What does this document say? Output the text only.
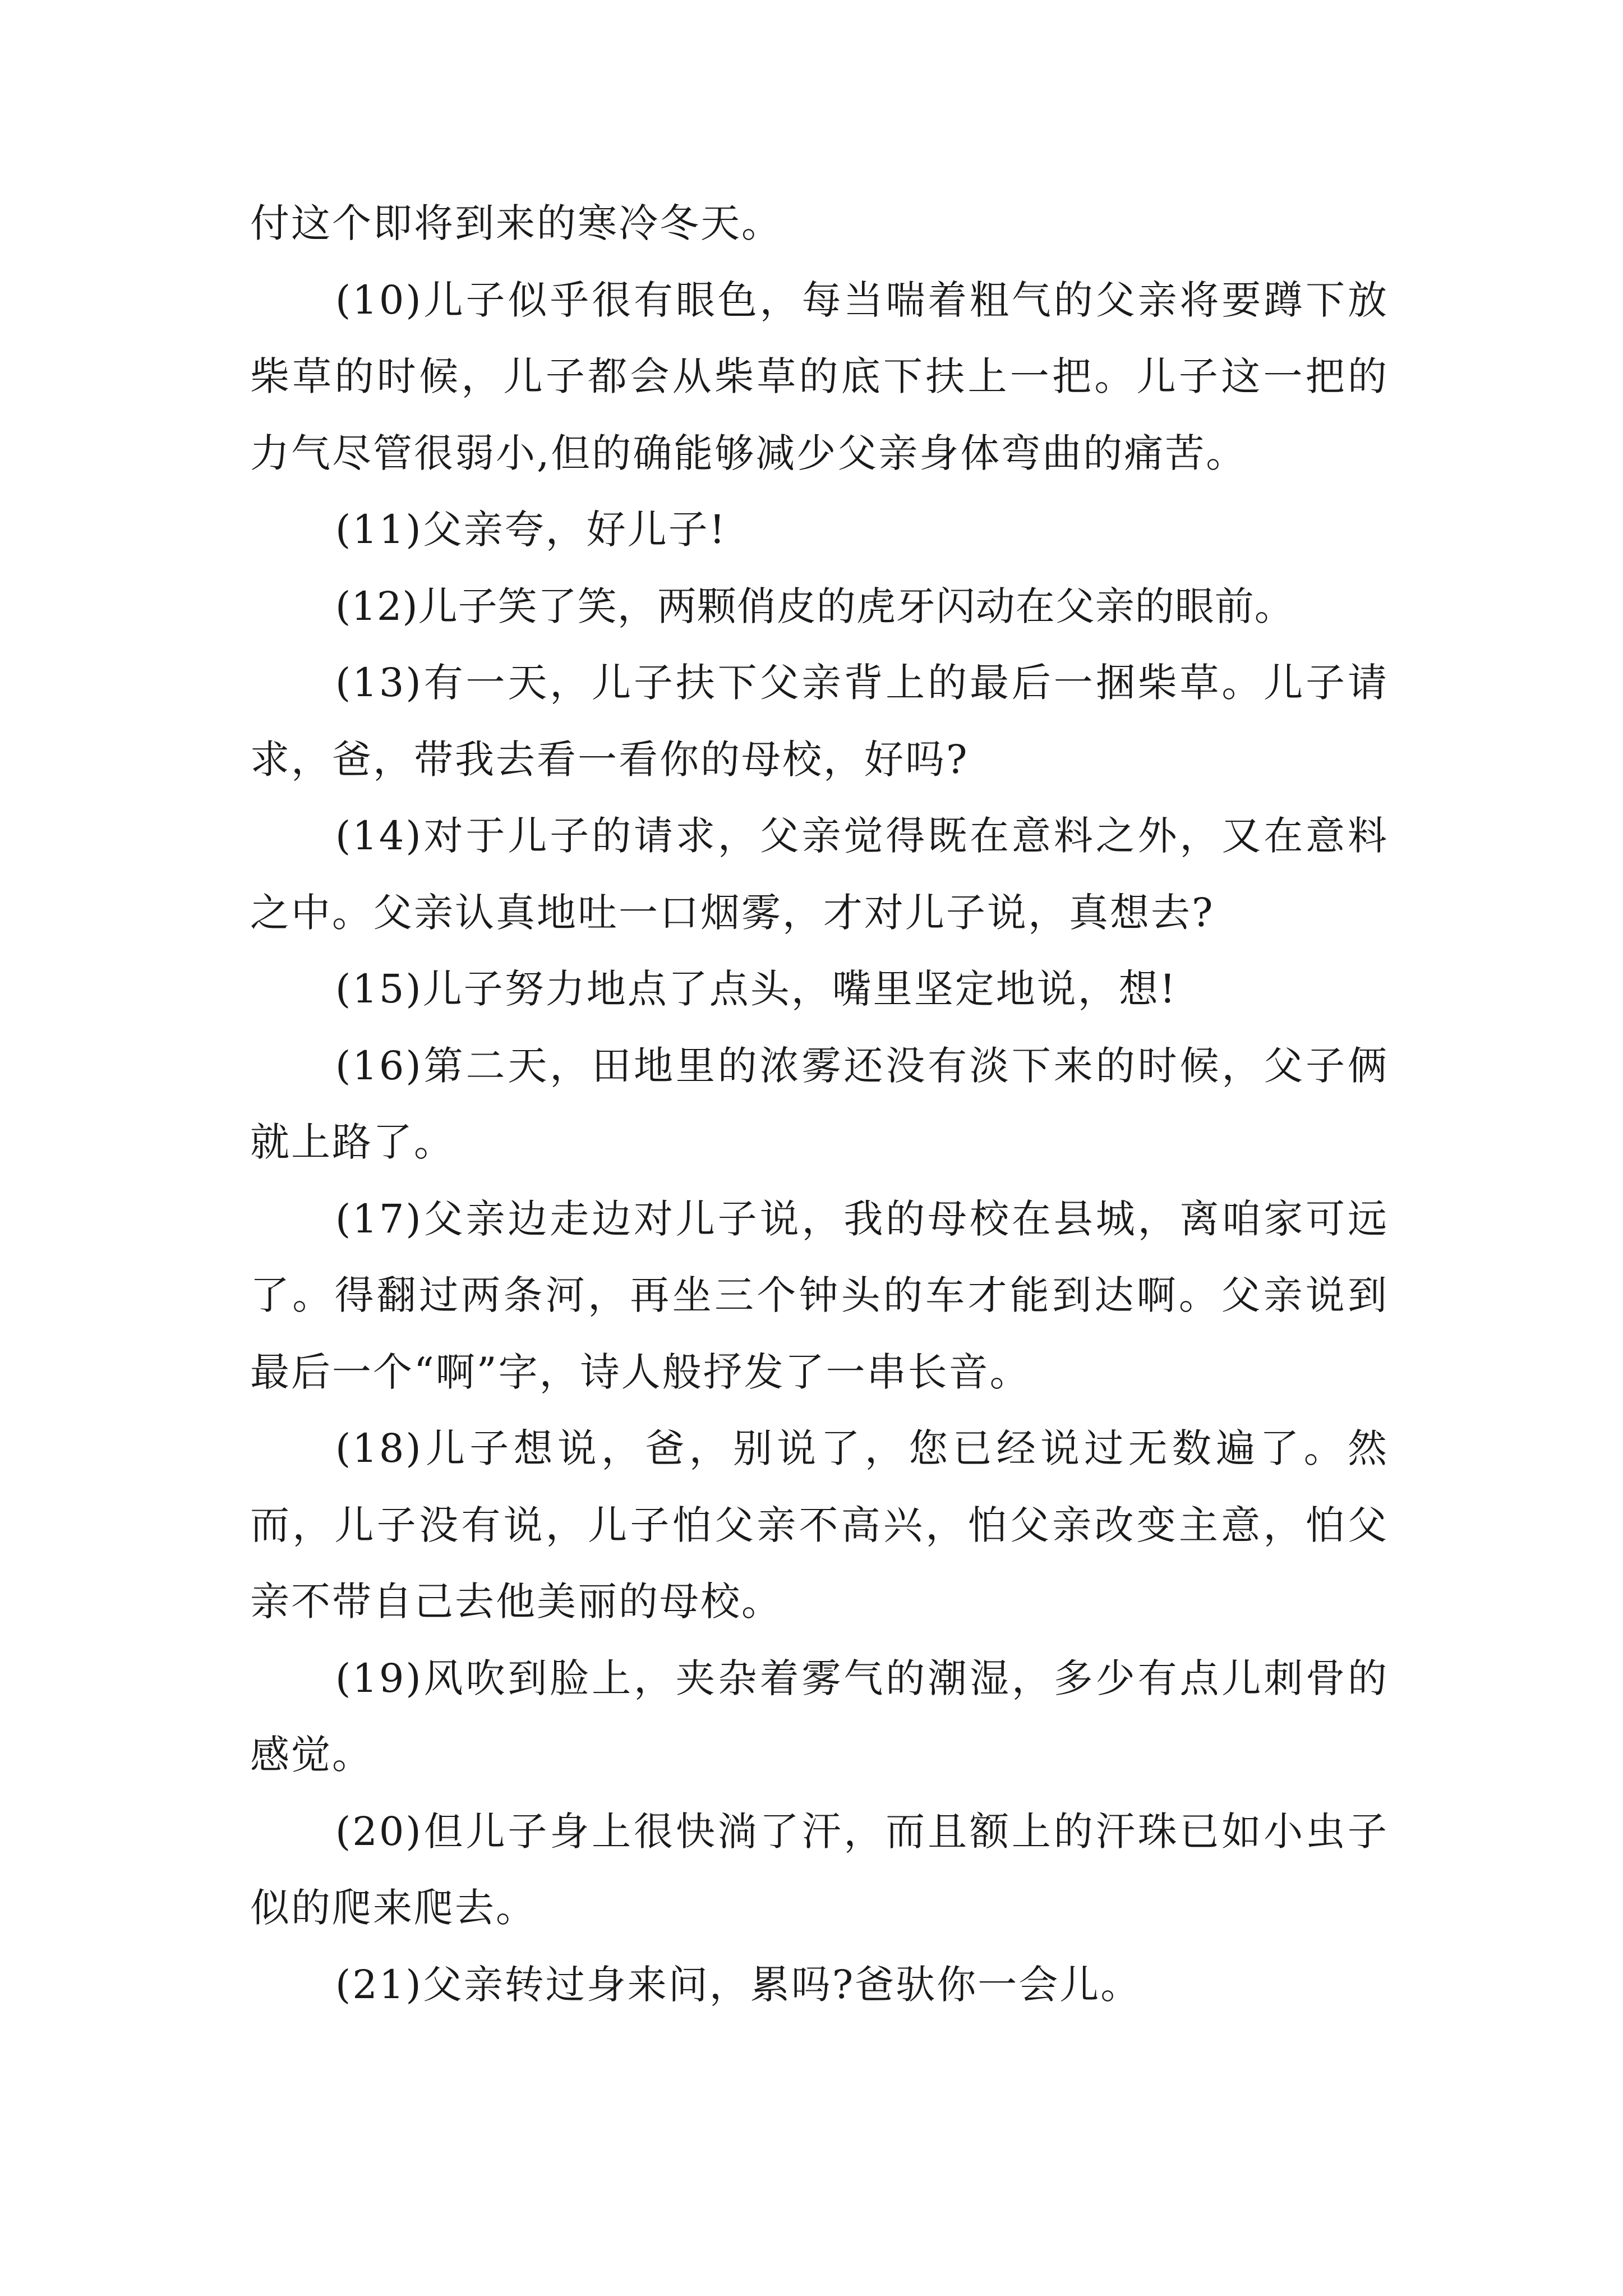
付这个即将到来的寒冷冬天。

(10)儿子似乎很有眼色，每当喘着粗气的父亲将要蹲下放柴草的时候，儿子都会从柴草的底下扶上一把。儿子这一把的力气尽管很弱小,但的确能够减少父亲身体弯曲的痛苦。

(11)父亲夸，好儿子!

(12)儿子笑了笑，两颗俏皮的虎牙闪动在父亲的眼前。

(13)有一天，儿子扶下父亲背上的最后一捆柴草。儿子请求，爸，带我去看一看你的母校，好吗?

(14)对于儿子的请求，父亲觉得既在意料之外，又在意料之中。父亲认真地吐一口烟雾，才对儿子说，真想去?

(15)儿子努力地点了点头，嘴里坚定地说，想!

(16)第二天，田地里的浓雾还没有淡下来的时候，父子俩就上路了。

(17)父亲边走边对儿子说，我的母校在县城，离咱家可远了。得翻过两条河，再坐三个钟头的车才能到达啊。父亲说到最后一个“啊”字，诗人般抒发了一串长音。

(18)儿子想说，爸，别说了，您已经说过无数遍了。然而，儿子没有说，儿子怕父亲不高兴，怕父亲改变主意，怕父亲不带自己去他美丽的母校。

(19)风吹到脸上，夹杂着雾气的潮湿，多少有点儿刺骨的感觉。

(20)但儿子身上很快淌了汗，而且额上的汗珠已如小虫子似的爬来爬去。

(21)父亲转过身来问，累吗?爸驮你一会儿。
